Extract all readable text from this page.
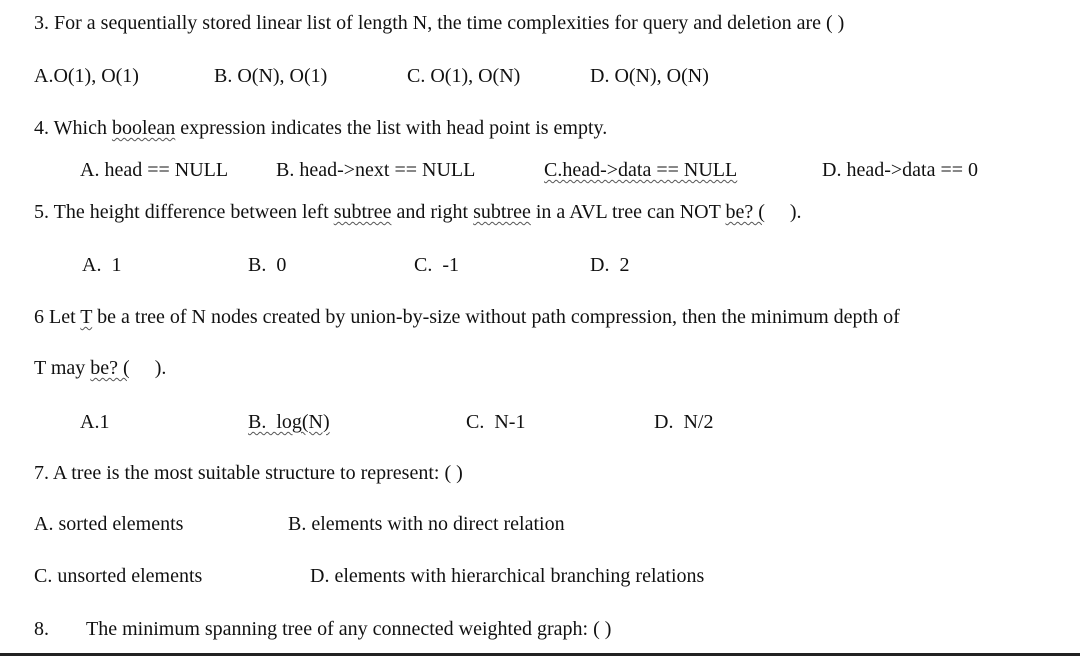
3. For a sequentially stored linear list of length N, the time complexities for query and deletion are ( )
A.O(1), O(1)	B. O(N), O(1)	C. O(1), O(N)	D. O(N), O(N)
4. Which boolean expression indicates the list with head point is empty.
A. head == NULL B. head->next == NULL	C.head->data == NULL	D. head->data == 0
5. The height difference between left subtree and right subtree in a AVL tree can NOT be? (     ).
A.  1	B.  0	C.  -1	D.  2
6 Let T be a tree of N nodes created by union-by-size without path compression, then the minimum depth of
T may be? (     ).
A.1	B.  log(N)	C.  N-1	D.  N/2
7. A tree is the most suitable structure to represent: ( )
A. sorted elements	B. elements with no direct relation
C. unsorted elements	D. elements with hierarchical branching relations
8. The minimum spanning tree of any connected weighted graph: ( )
